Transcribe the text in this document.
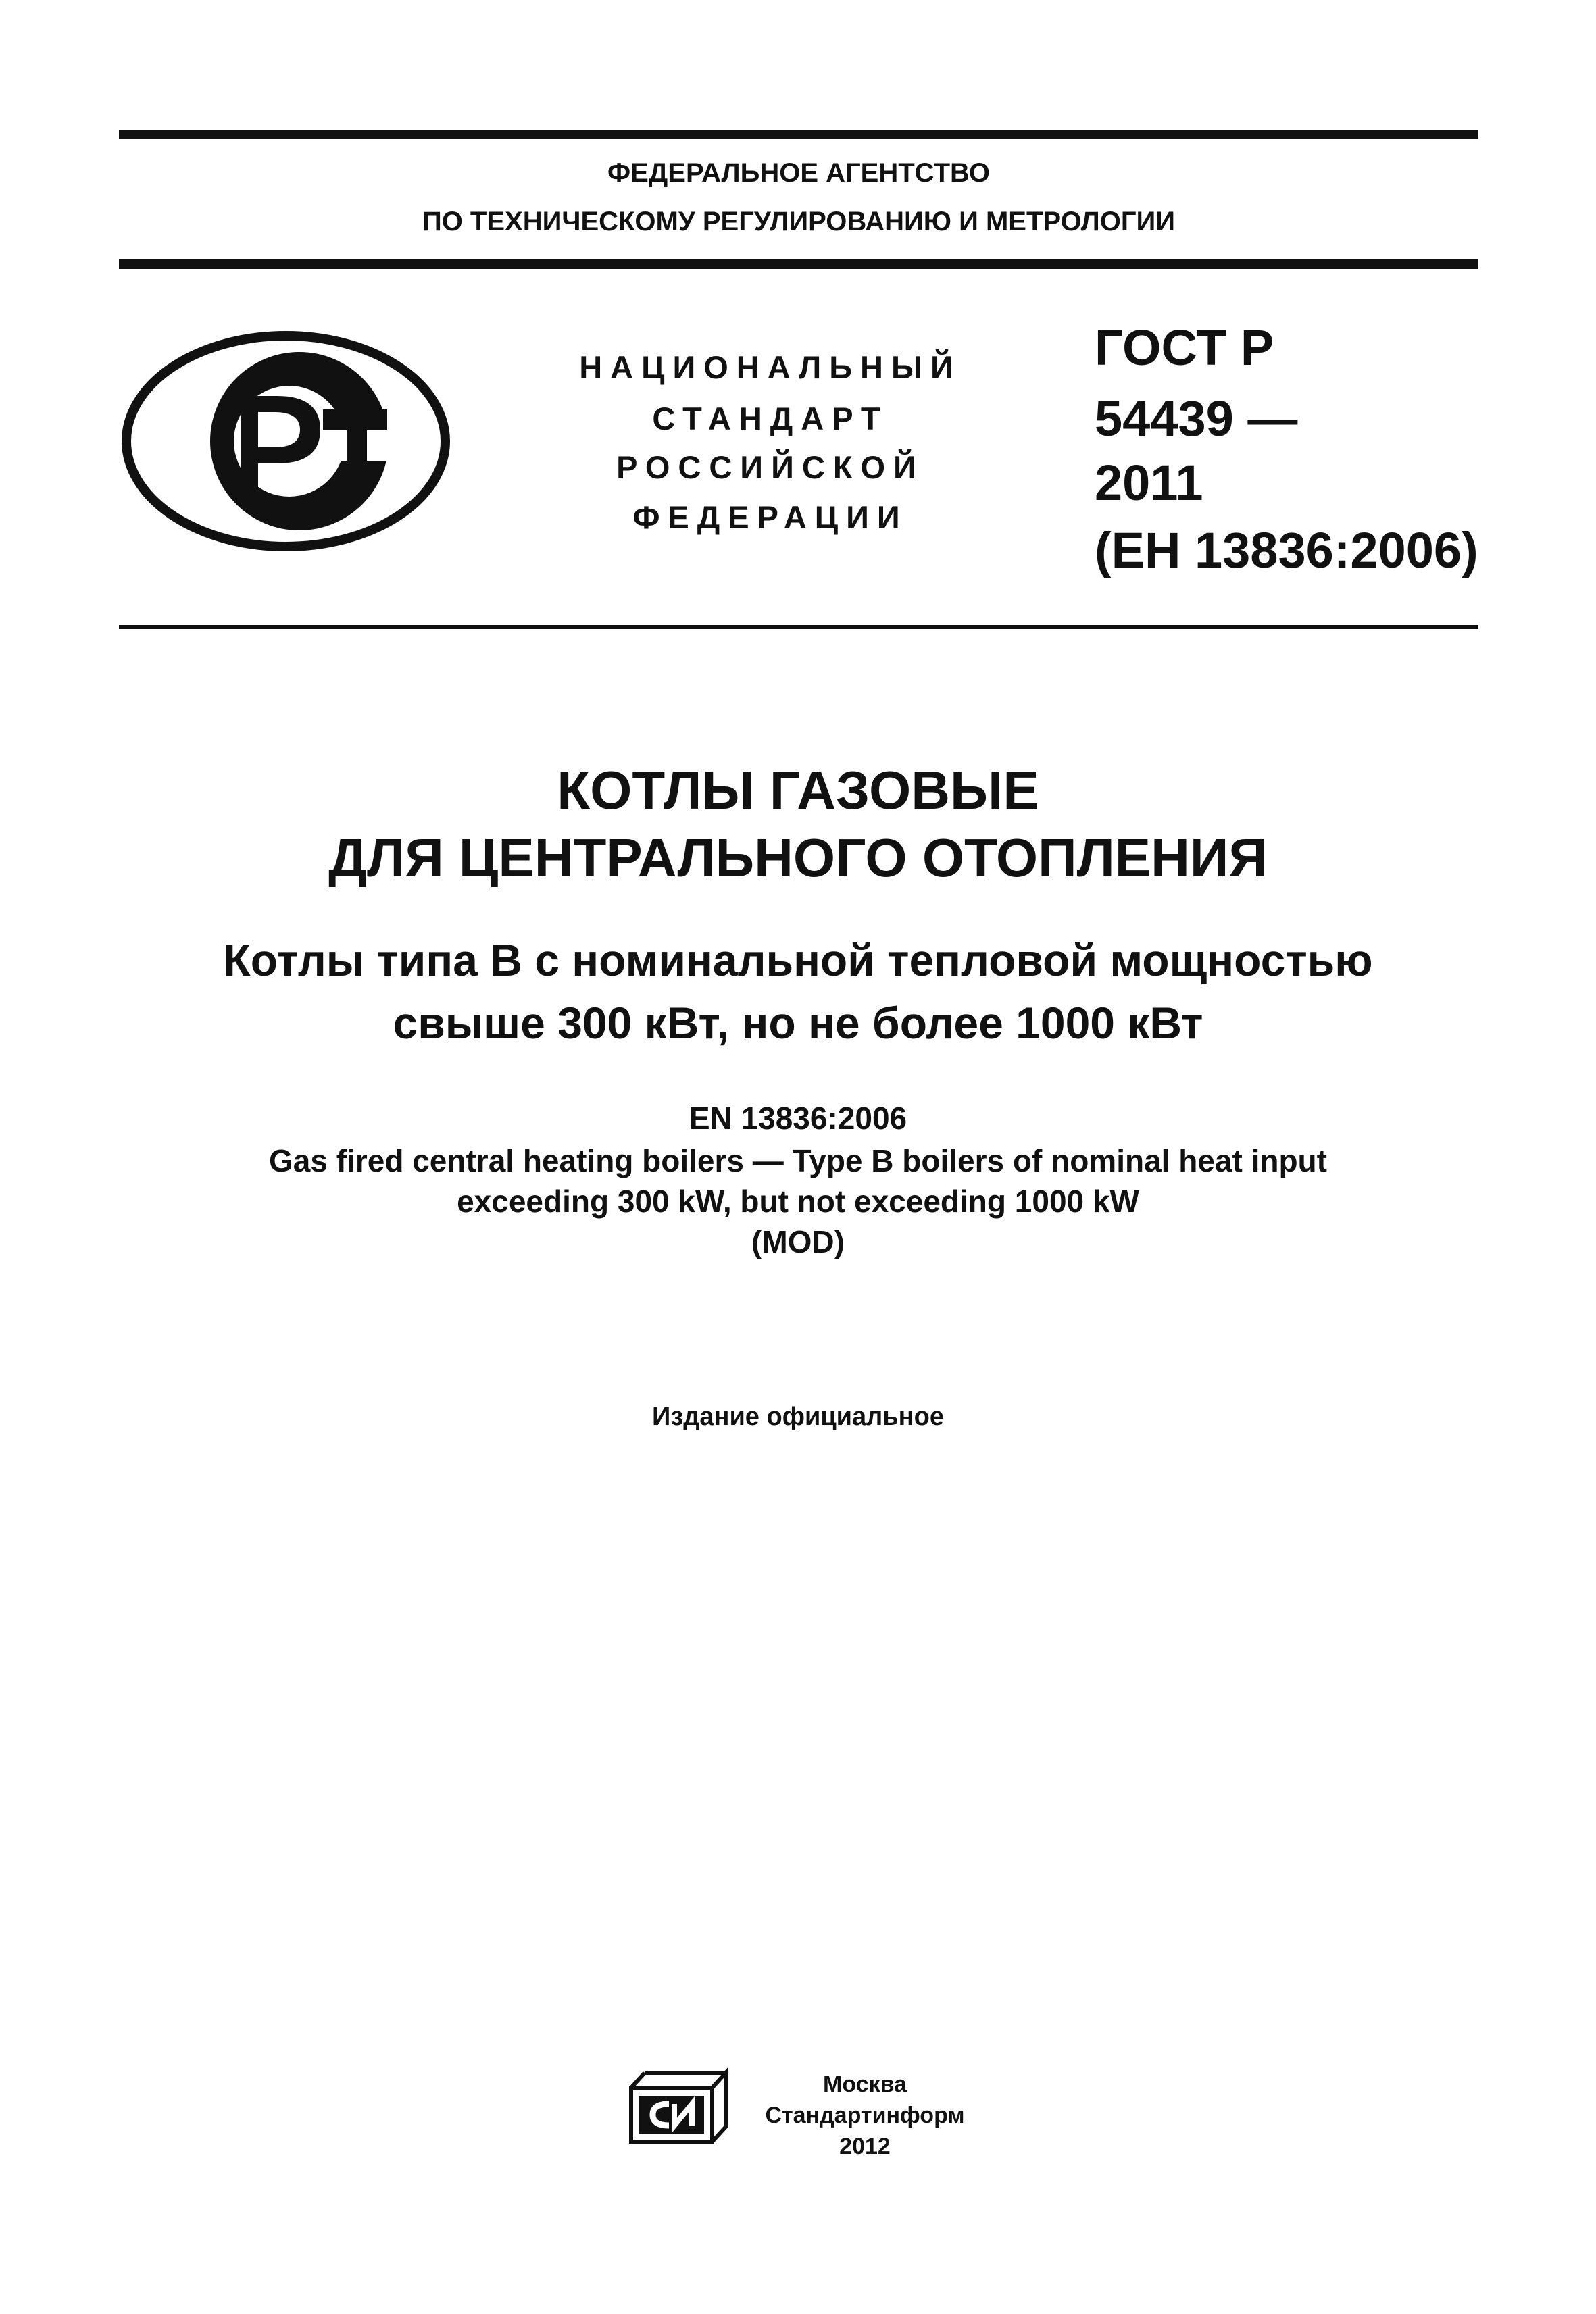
ФЕДЕРАЛЬНОЕ АГЕНТСТВО
ПО ТЕХНИЧЕСКОМУ РЕГУЛИРОВАНИЮ И МЕТРОЛОГИИ
НАЦИОНАЛЬНЫЙ
СТАНДАРТ
РОССИЙСКОЙ
ФЕДЕРАЦИИ
ГОСТ Р
54439 —
2011
(ЕН 13836:2006)
КОТЛЫ ГАЗОВЫЕ
ДЛЯ ЦЕНТРАЛЬНОГО ОТОПЛЕНИЯ
Котлы типа В с номинальной тепловой мощностью
свыше 300 кВт, но не более 1000 кВт
EN 13836:2006
Gas fired central heating boilers — Type B boilers of nominal heat input
exceeding 300 kW, but not exceeding 1000 kW
(MOD)
Издание официальное
Москва
Стандартинформ
2012
